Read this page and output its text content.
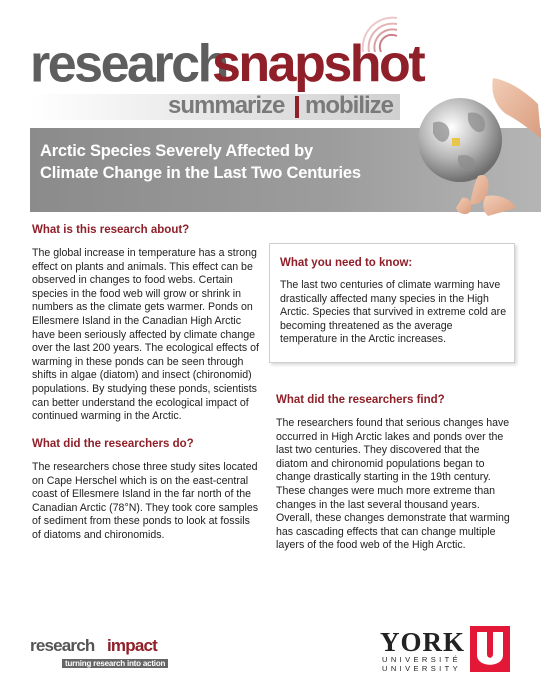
research
snapshot
summarize mobilize
Arctic Species Severely Affected by Climate Change in the Last Two Centuries
What is this research about?
The global increase in temperature has a strong effect on plants and animals. This effect can be observed in changes to food webs. Certain species in the food web will grow or shrink in numbers as the climate gets warmer. Ponds on Ellesmere Island in the Canadian High Arctic have been seriously affected by climate change over the last 200 years. The ecological effects of warming in these ponds can be seen through shifts in algae (diatom) and insect (chironomid) populations. By studying these ponds, scientists can better understand the ecological impact of continued warming in the Arctic.
What did the researchers do?
The researchers chose three study sites located on Cape Herschel which is on the east-central coast of Ellesmere Island in the far north of the Canadian Arctic (78°N). They took core samples of sediment from these ponds to look at fossils of diatoms and chironomids.
What you need to know:
The last two centuries of climate warming have drastically affected many species in the High Arctic. Species that survived in extreme cold are becoming threatened as the average temperature in the Arctic increases.
What did the researchers find?
The researchers found that serious changes have occurred in High Arctic lakes and ponds over the last two centuries. They discovered that the diatom and chironomid populations began to change drastically starting in the 19th century. These changes were much more extreme than changes in the last several thousand years. Overall, these changes demonstrate that warming has cascading effects that can change multiple layers of the food web of the High Arctic.
research impact
turning research into action
YORK
UNIVERSITÉ
UNIVERSITY
